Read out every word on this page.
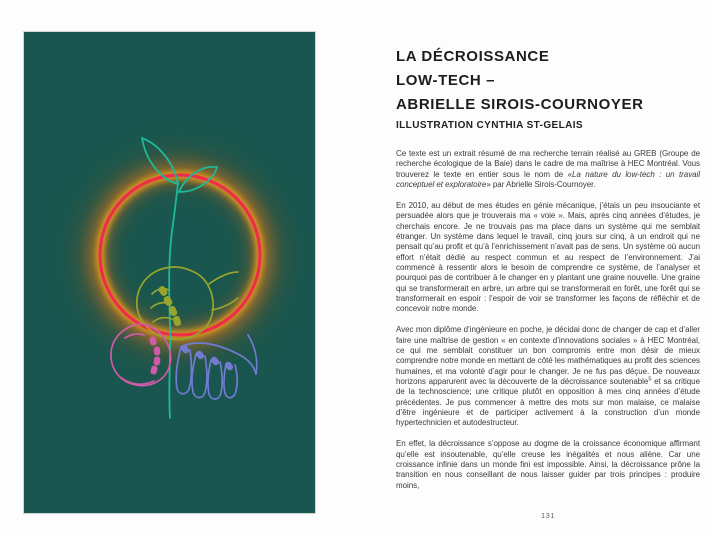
LA DÉCROISSANCE
LOW-TECH –
ABRIELLE SIROIS-COURNOYER
ILLUSTRATION CYNTHIA ST-GELAIS

Ce texte est un extrait résumé de ma recherche terrain réalisé au GREB (Groupe de recherche écologique de la Baie) dans le cadre de ma maîtrise à HEC Montréal. Vous trouverez le texte en entier sous le nom de «La nature du low-tech : un travail conceptuel et exploratoire» par Abrielle Sirois-Cournoyer.

En 2010, au début de mes études en génie mécanique, j’étais un peu insouciante et persuadée alors que je trouverais ma « voie ». Mais, après cinq années d’études, je cherchais encore. Je ne trouvais pas ma place dans un système qui me semblait étranger. Un système dans lequel le travail, cinq jours sur cinq, à un endroit qui ne pensait qu’au profit et qu’à l’enrichissement n’avait pas de sens. Un système où aucun effort n’était dédié au respect commun et au respect de l’environnement. J’ai commencé à ressentir alors le besoin de comprendre ce système, de l’analyser et pourquoi pas de contribuer à le changer en y plantant une graine nouvelle. Une graine qui se transformerait en arbre, un arbre qui se transformerait en forêt, une forêt qui se transformerait en espoir : l’espoir de voir se transformer les façons de réfléchir et de concevoir notre monde.

Avec mon diplôme d’ingénieure en poche, je décidai donc de changer de cap et d’aller faire une maîtrise de gestion « en contexte d’innovations sociales » à HEC Montréal, ce qui me semblait constituer un bon compromis entre mon désir de mieux comprendre notre monde en mettant de côté les mathématiques au profit des sciences humaines, et ma volonté d’agir pour le changer. Je ne fus pas déçue. De nouveaux horizons apparurent avec la découverte de la décroissance soutenable$^5$ et sa critique de la technoscience; une critique plutôt en opposition à mes cinq années d’étude précédentes. Je pus commencer à mettre des mots sur mon malaise, ce malaise d’être ingénieure et de participer activement à la construction d’un monde hypertechnicien et autodestructeur.

En effet, la décroissance s’oppose au dogme de la croissance économique affirmant qu’elle est insoutenable, qu’elle creuse les inégalités et nous aliène. Car une croissance infinie dans un monde fini est impossible. Ainsi, la décroissance prône la transition en nous conseillant de nous laisser guider par trois principes : produire moins,

131
